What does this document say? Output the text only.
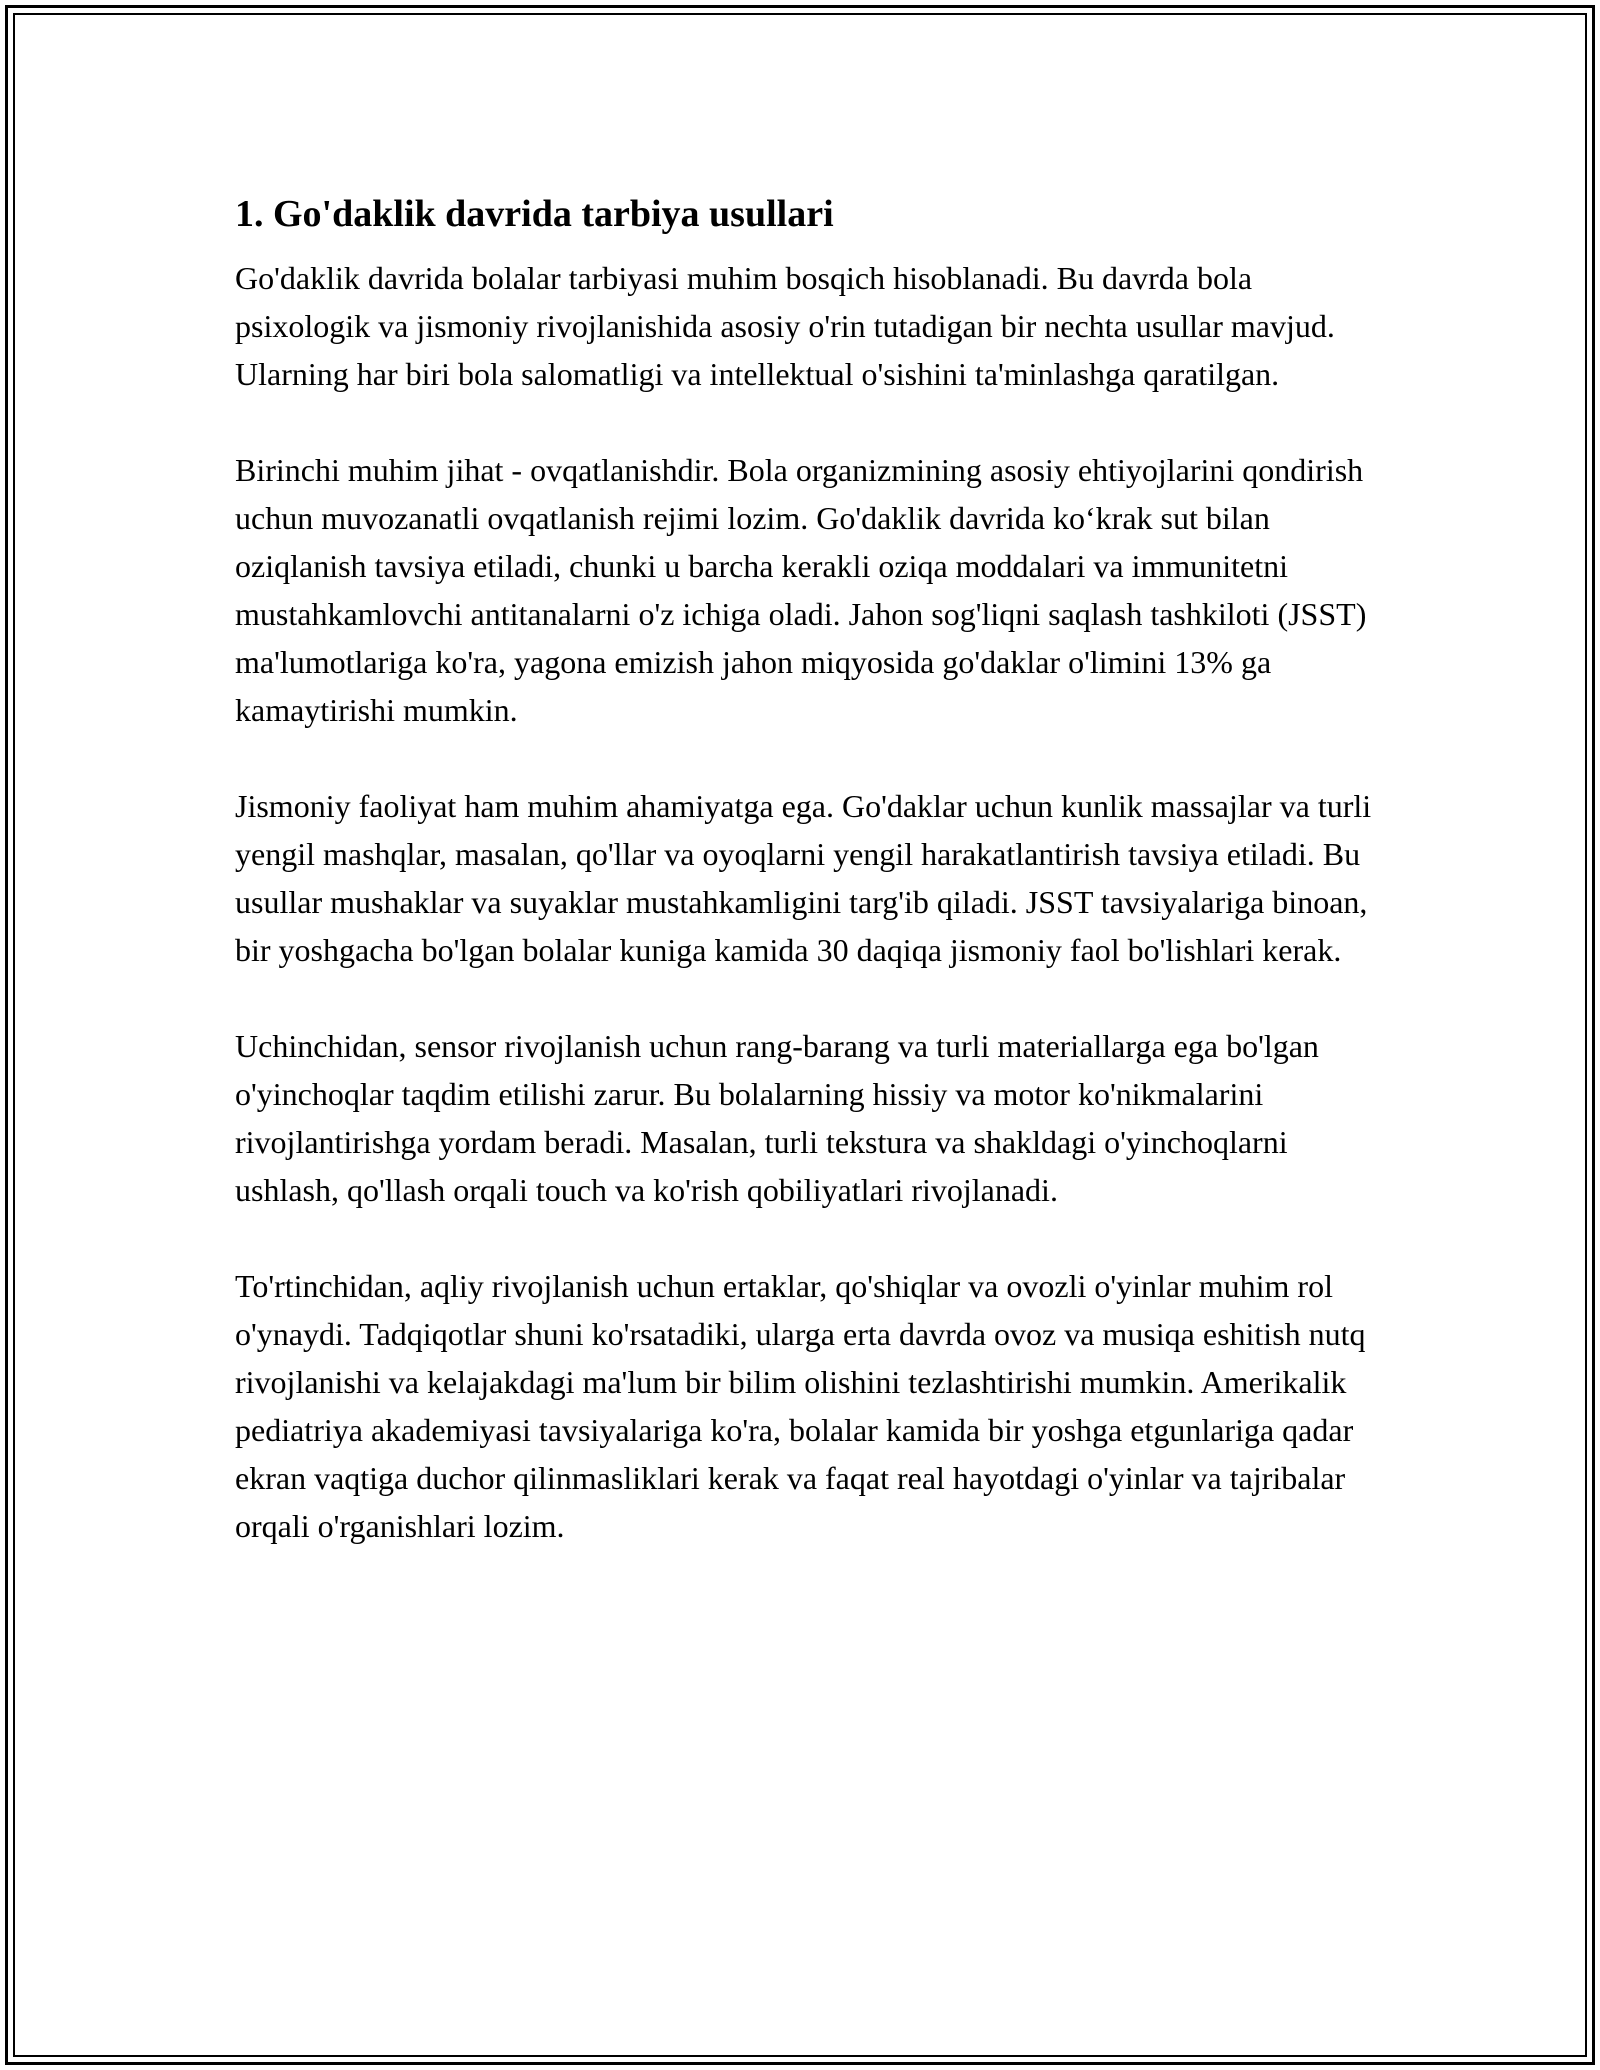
1. Go'daklik davrida tarbiya usullari

Go'daklik davrida bolalar tarbiyasi muhim bosqich hisoblanadi. Bu davrda bola psixologik va jismoniy rivojlanishida asosiy o'rin tutadigan bir nechta usullar mavjud. Ularning har biri bola salomatligi va intellektual o'sishini ta'minlashga qaratilgan.

Birinchi muhim jihat - ovqatlanishdir. Bola organizmining asosiy ehtiyojlarini qondirish uchun muvozanatli ovqatlanish rejimi lozim. Go'daklik davrida ko‘krak sut bilan oziqlanish tavsiya etiladi, chunki u barcha kerakli oziqa moddalari va immunitetni mustahkamlovchi antitanalarni o'z ichiga oladi. Jahon sog'liqni saqlash tashkiloti (JSST) ma'lumotlariga ko'ra, yagona emizish jahon miqyosida go'daklar o'limini 13% ga kamaytirishi mumkin.

Jismoniy faoliyat ham muhim ahamiyatga ega. Go'daklar uchun kunlik massajlar va turli yengil mashqlar, masalan, qo'llar va oyoqlarni yengil harakatlantirish tavsiya etiladi. Bu usullar mushaklar va suyaklar mustahkamligini targ'ib qiladi. JSST tavsiyalariga binoan, bir yoshgacha bo'lgan bolalar kuniga kamida 30 daqiqa jismoniy faol bo'lishlari kerak.

Uchinchidan, sensor rivojlanish uchun rang-barang va turli materiallarga ega bo'lgan o'yinchoqlar taqdim etilishi zarur. Bu bolalarning hissiy va motor ko'nikmalarini rivojlantirishga yordam beradi. Masalan, turli tekstura va shakldagi o'yinchoqlarni ushlash, qo'llash orqali touch va ko'rish qobiliyatlari rivojlanadi.

To'rtinchidan, aqliy rivojlanish uchun ertaklar, qo'shiqlar va ovozli o'yinlar muhim rol o'ynaydi. Tadqiqotlar shuni ko'rsatadiki, ularga erta davrda ovoz va musiqa eshitish nutq rivojlanishi va kelajakdagi ma'lum bir bilim olishini tezlashtirishi mumkin. Amerikalik pediatriya akademiyasi tavsiyalariga ko'ra, bolalar kamida bir yoshga etgunlariga qadar ekran vaqtiga duchor qilinmasliklari kerak va faqat real hayotdagi o'yinlar va tajribalar orqali o'rganishlari lozim.
